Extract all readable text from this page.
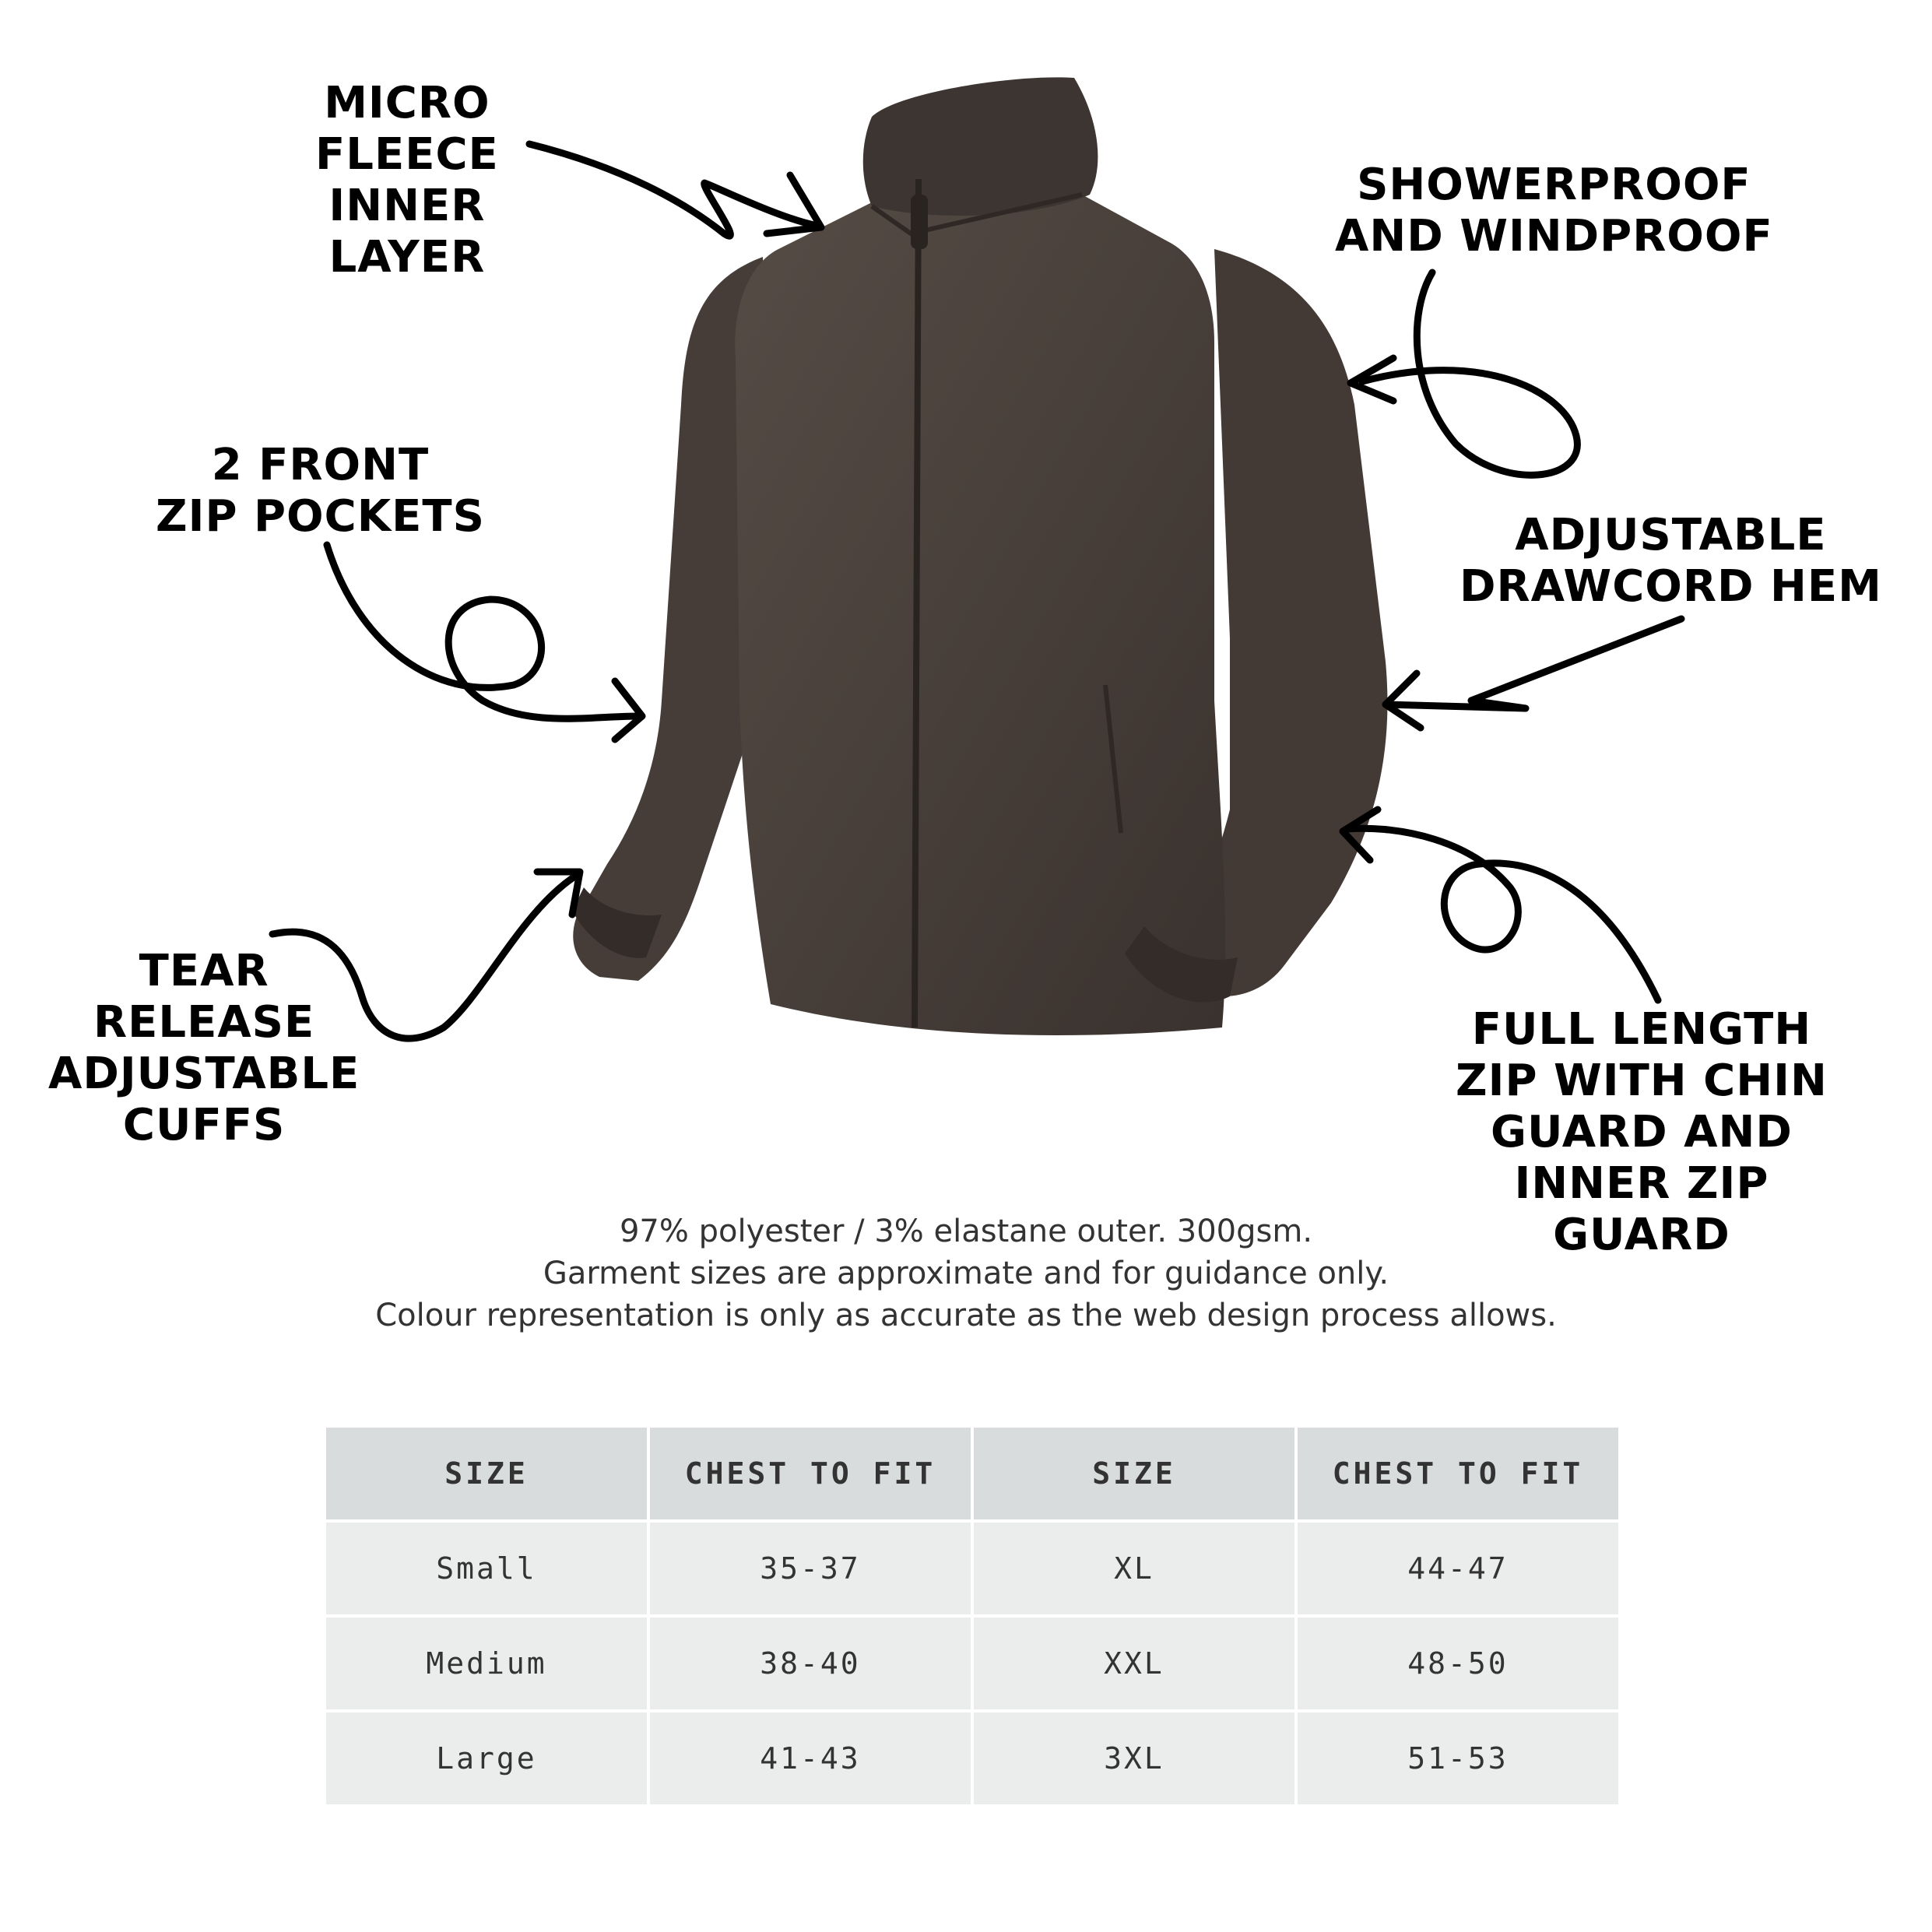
MICRO
FLEECE
INNER
LAYER
SHOWERPROOF
AND WINDPROOF
2 FRONT
ZIP POCKETS	ADJUSTABLE
DRAWCORD HEM
TEAR
RELEASE
ADJUSTABLE
CUFFS
FULL LENGTH
ZIP WITH CHIN
GUARD AND
INNER ZIP
GUARD
97% polyester / 3% elastane outer. 300gsm.
Garment sizes are approximate and for guidance only.
Colour representation is only as accurate as the web design process allows.
SIZE	CHEST TO FIT	SIZE	CHEST TO FIT
Small	35-37	XL	44-47
Medium	38-40	XXL	48-50
Large	41-43	3XL	51-53
